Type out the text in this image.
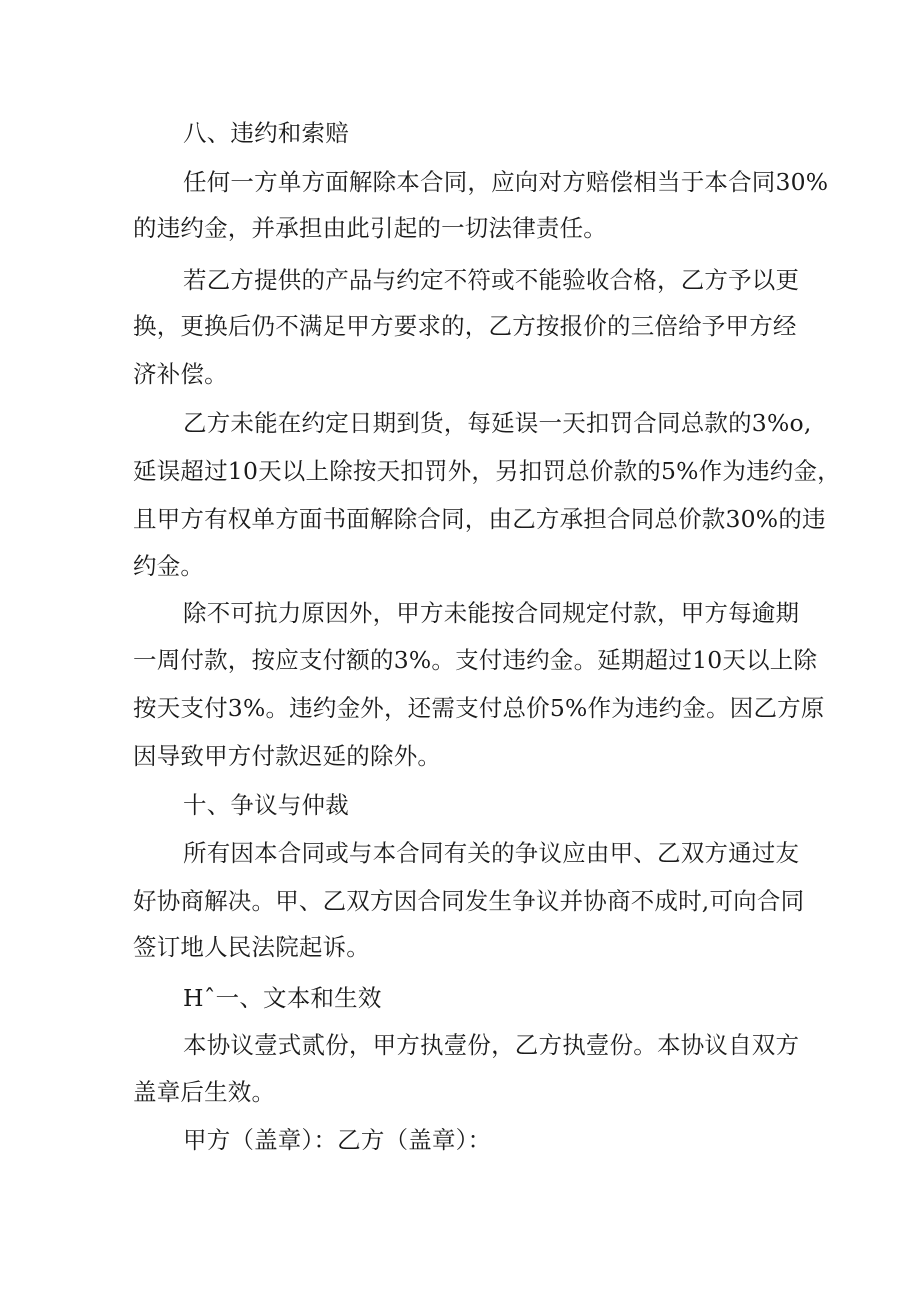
八、违约和索赔
任何一方单方面解除本合同，应向对方赔偿相当于本合同30%
的违约金，并承担由此引起的一切法律责任。
若乙方提供的产品与约定不符或不能验收合格，乙方予以更
换，更换后仍不满足甲方要求的，乙方按报价的三倍给予甲方经
济补偿。
乙方未能在约定日期到货，每延误一天扣罚合同总款的3%o,
延误超过10天以上除按天扣罚外，另扣罚总价款的5%作为违约金，
且甲方有权单方面书面解除合同，由乙方承担合同总价款30%的违
约金。
除不可抗力原因外，甲方未能按合同规定付款，甲方每逾期
一周付款，按应支付额的3%。支付违约金。延期超过10天以上除
按天支付3%。违约金外，还需支付总价5%作为违约金。因乙方原
因导致甲方付款迟延的除外。
十、争议与仲裁
所有因本合同或与本合同有关的争议应由甲、乙双方通过友
好协商解决。甲、乙双方因合同发生争议并协商不成时,可向合同
签订地人民法院起诉。
Hˆ一、文本和生效
本协议壹式贰份，甲方执壹份，乙方执壹份。本协议自双方
盖章后生效。
甲方（盖章）：乙方（盖章）：
